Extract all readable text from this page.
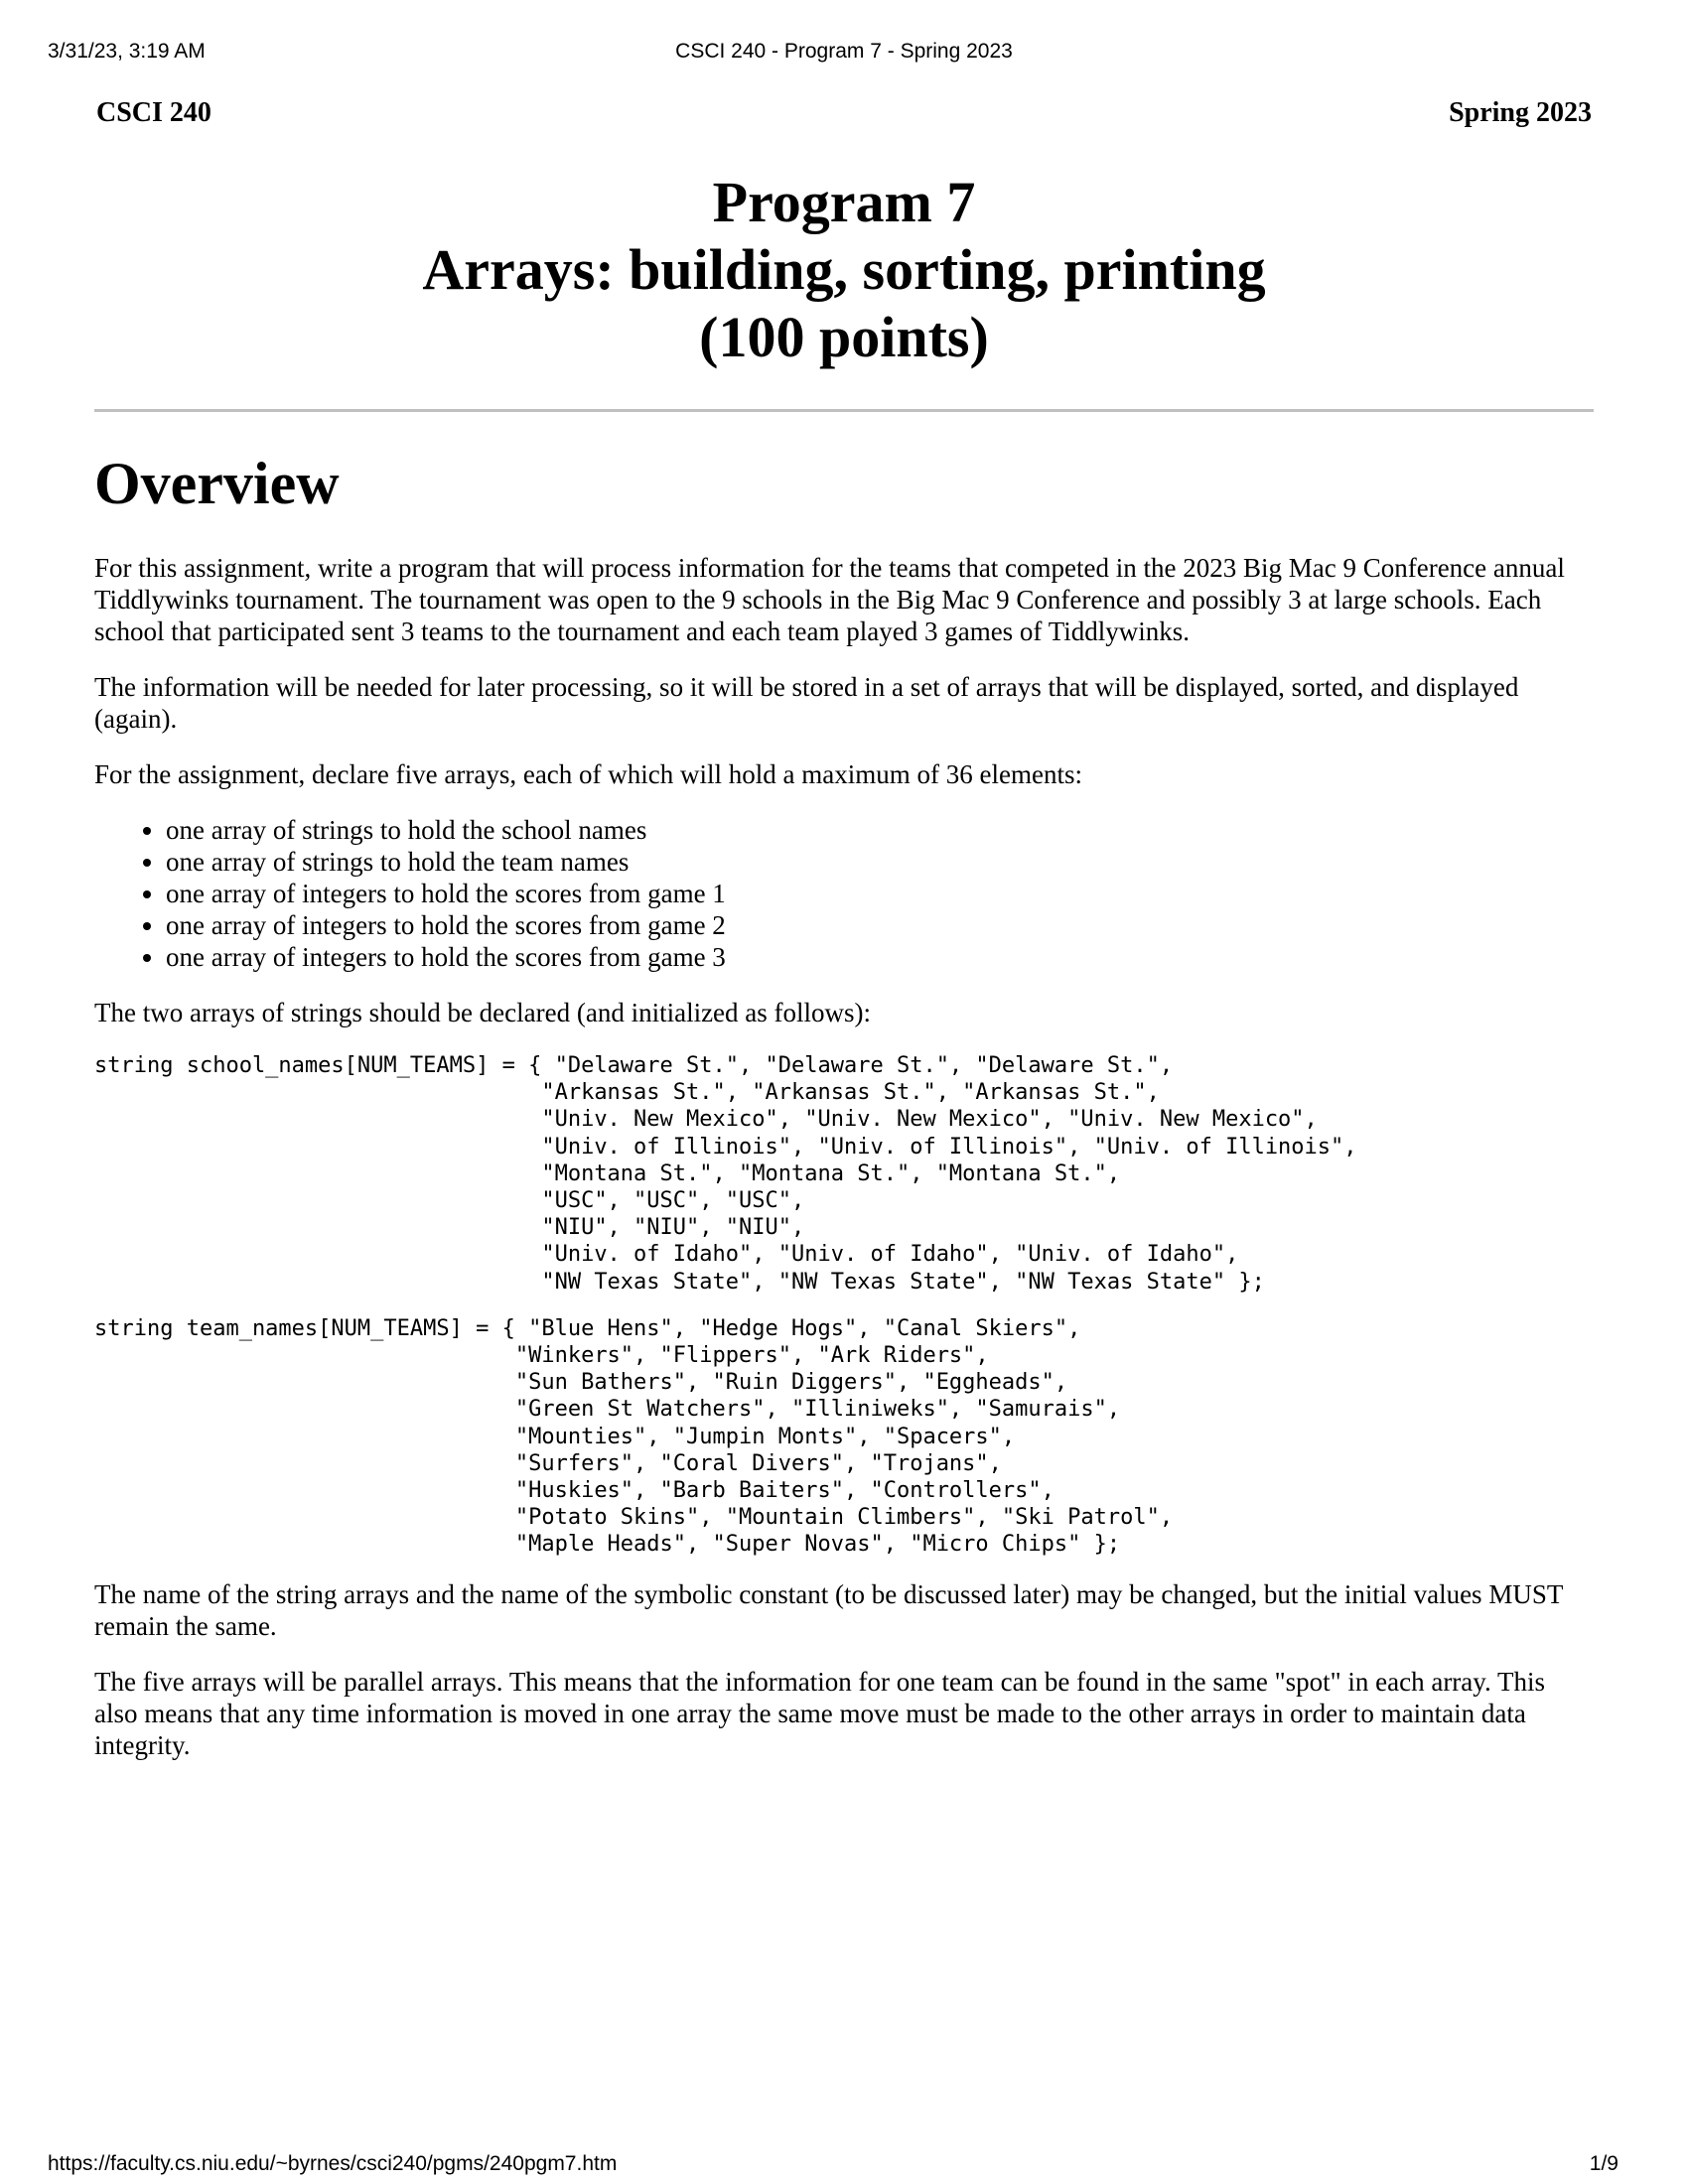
3/31/23, 3:19 AM	CSCI 240 - Program 7 - Spring 2023
CSCI 240	Spring 2023
Program 7
Arrays: building, sorting, printing
(100 points)
Overview

For this assignment, write a program that will process information for the teams that competed in the 2023 Big Mac 9 Conference annual Tiddlywinks tournament. The tournament was open to the 9 schools in the Big Mac 9 Conference and possibly 3 at large schools. Each school that participated sent 3 teams to the tournament and each team played 3 games of Tiddlywinks.

The information will be needed for later processing, so it will be stored in a set of arrays that will be displayed, sorted, and displayed (again).

For the assignment, declare five arrays, each of which will hold a maximum of 36 elements:

• one array of strings to hold the school names
• one array of strings to hold the team names
• one array of integers to hold the scores from game 1
• one array of integers to hold the scores from game 2
• one array of integers to hold the scores from game 3

The two arrays of strings should be declared (and initialized as follows):

string school_names[NUM_TEAMS] = { "Delaware St.", "Delaware St.", "Delaware St.",
"Arkansas St.", "Arkansas St.", "Arkansas St.",
"Univ. New Mexico", "Univ. New Mexico", "Univ. New Mexico",
"Univ. of Illinois", "Univ. of Illinois", "Univ. of Illinois",
"Montana St.", "Montana St.", "Montana St.",
"USC", "USC", "USC",
"NIU", "NIU", "NIU",
"Univ. of Idaho", "Univ. of Idaho", "Univ. of Idaho",
"NW Texas State", "NW Texas State", "NW Texas State" };
string team_names[NUM_TEAMS] = { "Blue Hens", "Hedge Hogs", "Canal Skiers",
"Winkers", "Flippers", "Ark Riders",
"Sun Bathers", "Ruin Diggers", "Eggheads",
"Green St Watchers", "Illiniweks", "Samurais",
"Mounties", "Jumpin Monts", "Spacers",
"Surfers", "Coral Divers", "Trojans",
"Huskies", "Barb Baiters", "Controllers",
"Potato Skins", "Mountain Climbers", "Ski Patrol",
"Maple Heads", "Super Novas", "Micro Chips" };

The name of the string arrays and the name of the symbolic constant (to be discussed later) may be changed, but the initial values MUST remain the same.

The five arrays will be parallel arrays. This means that the information for one team can be found in the same "spot" in each array. This also means that any time information is moved in one array the same move must be made to the other arrays in order to maintain data integrity.

https://faculty.cs.niu.edu/~byrnes/csci240/pgms/240pgm7.htm	1/9
